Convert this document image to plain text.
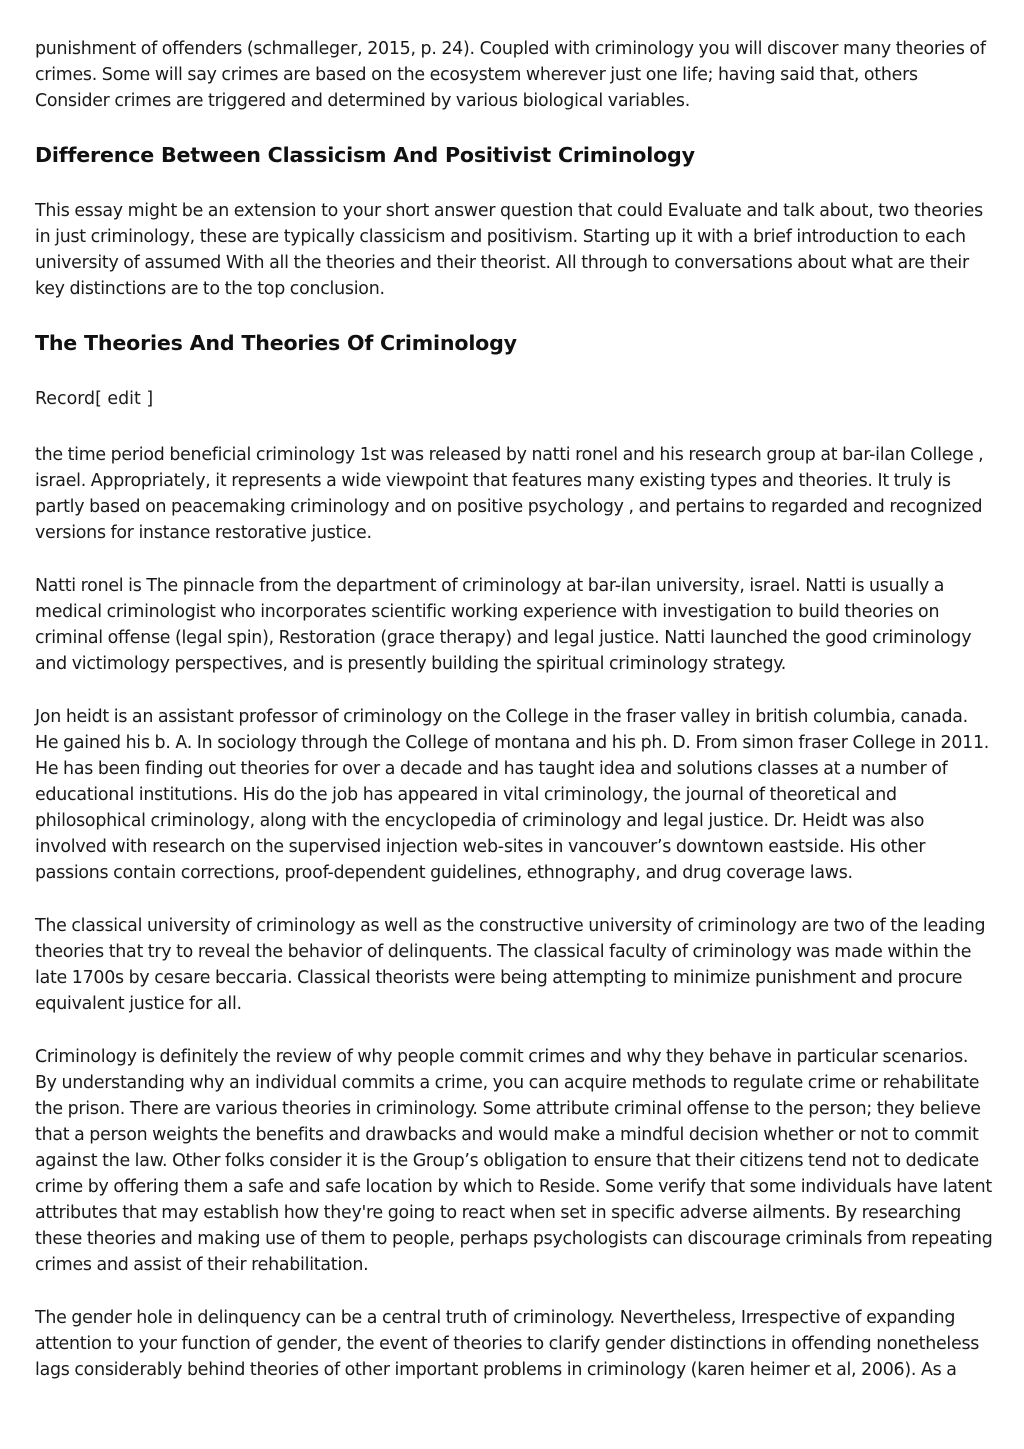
punishment of offenders (schmalleger, 2015, p. 24). Coupled with criminology you will discover many theories of crimes. Some will say crimes are based on the ecosystem wherever just one life; having said that, others Consider crimes are triggered and determined by various biological variables.

Difference Between Classicism And Positivist Criminology

This essay might be an extension to your short answer question that could Evaluate and talk about, two theories in just criminology, these are typically classicism and positivism. Starting up it with a brief introduction to each university of assumed With all the theories and their theorist. All through to conversations about what are their key distinctions are to the top conclusion.

The Theories And Theories Of Criminology

Record[ edit ]

the time period beneficial criminology 1st was released by natti ronel and his research group at bar-ilan College , israel. Appropriately, it represents a wide viewpoint that features many existing types and theories. It truly is partly based on peacemaking criminology and on positive psychology , and pertains to regarded and recognized versions for instance restorative justice.

Natti ronel is The pinnacle from the department of criminology at bar-ilan university, israel. Natti is usually a medical criminologist who incorporates scientific working experience with investigation to build theories on criminal offense (legal spin), Restoration (grace therapy) and legal justice. Natti launched the good criminology and victimology perspectives, and is presently building the spiritual criminology strategy.

Jon heidt is an assistant professor of criminology on the College in the fraser valley in british columbia, canada. He gained his b. A. In sociology through the College of montana and his ph. D. From simon fraser College in 2011. He has been finding out theories for over a decade and has taught idea and solutions classes at a number of educational institutions. His do the job has appeared in vital criminology, the journal of theoretical and philosophical criminology, along with the encyclopedia of criminology and legal justice. Dr. Heidt was also involved with research on the supervised injection web-sites in vancouver’s downtown eastside. His other passions contain corrections, proof-dependent guidelines, ethnography, and drug coverage laws.

The classical university of criminology as well as the constructive university of criminology are two of the leading theories that try to reveal the behavior of delinquents. The classical faculty of criminology was made within the late 1700s by cesare beccaria. Classical theorists were being attempting to minimize punishment and procure equivalent justice for all.

Criminology is definitely the review of why people commit crimes and why they behave in particular scenarios. By understanding why an individual commits a crime, you can acquire methods to regulate crime or rehabilitate the prison. There are various theories in criminology. Some attribute criminal offense to the person; they believe that a person weights the benefits and drawbacks and would make a mindful decision whether or not to commit against the law. Other folks consider it is the Group’s obligation to ensure that their citizens tend not to dedicate crime by offering them a safe and safe location by which to Reside. Some verify that some individuals have latent attributes that may establish how they're going to react when set in specific adverse ailments. By researching these theories and making use of them to people, perhaps psychologists can discourage criminals from repeating crimes and assist of their rehabilitation.

The gender hole in delinquency can be a central truth of criminology. Nevertheless, Irrespective of expanding attention to your function of gender, the event of theories to clarify gender distinctions in offending nonetheless lags considerably behind theories of other important problems in criminology (karen heimer et al, 2006). As a
